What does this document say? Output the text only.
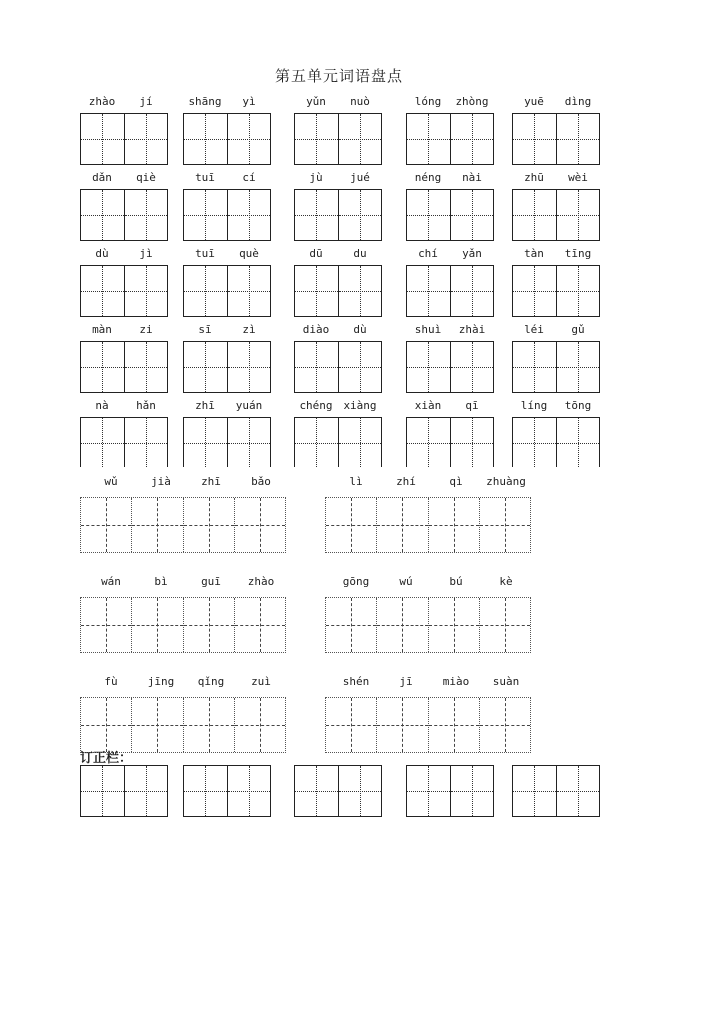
第五单元词语盘点
zhào	jí	shāng	yì	yǔn	nuò	lóng	zhòng	yuē	dìng
dǎn	qiè	tuī	cí	jù	jué	néng	nài	zhū	wèi
dù	jì	tuī	què	dū	du	chí	yǎn	tàn	tīng
màn	zi	sī	zì	diào	dù	shuì	zhài	léi	gǔ
nà	hǎn	zhī	yuán	chéng xiàng	xiàn	qī	líng	tōng
wǔ	jià	zhī	bǎo	lì	zhí	qì	zhuàng
wán	bì	guī	zhào	gōng	wú	bú	kè
fù	jīng	qǐng	zuì	shén	jī	miào	suàn
订正栏：
